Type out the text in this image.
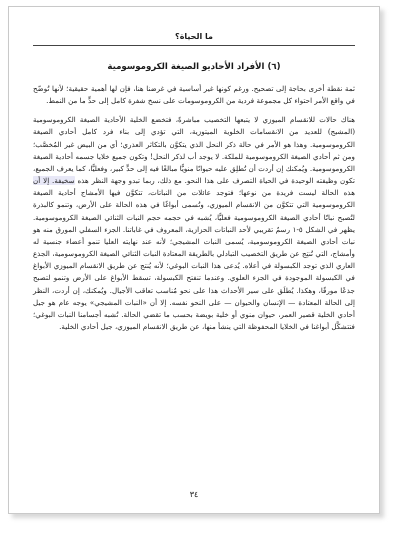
ما الحياة؟
(٦) الأفراد الأحاديو الصيغة الكروموسومية

ثمة نقطة أخرى بحاجة إلى تصحيح. ورغم كونها غير أساسية في غرضنا هنا، فإن لها أهمية حقيقية؛ لأنها تُوضّح في واقع الأمر احتواء كل مجموعة فردية من الكروموسومات على نسخ شفرة كامل إلى حدٍّ ما من النمط.

هناك حالات للانقسام الميوزي لا يتبعها التخصيب مباشرةً، فتخضع الخلية الأحادية الصيغة الكروموسومية (المشيج) للعديد من الانقسامات الخلوية الميتوزية، التي تؤدي إلى بناء فرد كامل أحادي الصيغة الكروموسومية. وهذا هو الأمر في حالة ذكر النحل الذي يتكوَّن بالتكاثر العذري؛ أي من البيض غير المُخصَّب؛ ومن ثم أحادي الصيغة الكروموسومية للملكة. لا يوجد أب لذكر النحل! وتكون جميع خلايا جسمه أحادية الصيغة الكروموسومية. ويُمكنك إن أردت أن تُطلِق عليه حيوانًا منويًّا مبالغًا فيه إلى حدٍّ كبير، وفعليًّا، كما يعرف الجميع، تكون وظيفته الوحيدة في الحياة التصرف على هذا النحو. مع ذلك، ربما تبدو وجهة النظر هذه سخيفة. إلا أن هذه الحالة ليست فريدة من نوعها؛ فتوجد عائلات من النباتات، تتكوَّن فيها الأمشاج أحادية الصيغة الكروموسومية التي تتكوَّن من الانقسام الميوزي، وتُسمى أبواغًا في هذه الحالة على الأرض، وتنمو كالبذرة لتُصبح نباتًا أحادي الصيغة الكروموسومية فعليًّا، يُشبه في حجمه حجم النبات الثنائي الصيغة الكروموسومية. يظهر في الشكل ٥-١ رسمٌ تقريبي لأحد النباتات الحزازية، المعروف في غاباتنا. الجزء السفلي المورق منه هو نبات أحادي الصيغة الكروموسومية، يُسمى النبات المشيجي؛ لأنه عند نهايته العليا تنمو أعضاء جنسية له وأمشاج، التي تُنتِج عن طريق التخصيب التبادلي بالطريقة المعتادة النبات الثنائي الصيغة الكروموسومية، الجذع العاري الذي توجد الكبسولة في أعلاه. يُدعى هذا النبات البوغي؛ لأنه يُنتج عن طريق الانقسام الميوزي الأبواغ في الكبسولة الموجودة في الجزء العلوي. وعندما تنفتح الكبسولة، تسقط الأبواغ على الأرض وتنمو لتصبح جذعًا مورقًا، وهكذا. يُطلَق على سير الأحداث هذا على نحو مُناسب تعاقب الأجيال. ويُمكنك، إن أردت، النظر إلى الحالة المعتادة — الإنسان والحيوان — على النحو نفسه. إلا أن «النبات المشيجي» يوجه عام هو جيل أحادي الخلية قصير العمر، حيوان منوي أو خلية بويضة بحسب ما تقضي الحالة. تُشبه أجسامنا النبات البوغي؛ فتتشكَّل أبواغنا في الخلايا المحفوظة التي ينشأ منها، عن طريق الانقسام الميوزي، جيل أحادي الخلية.

٣٤
